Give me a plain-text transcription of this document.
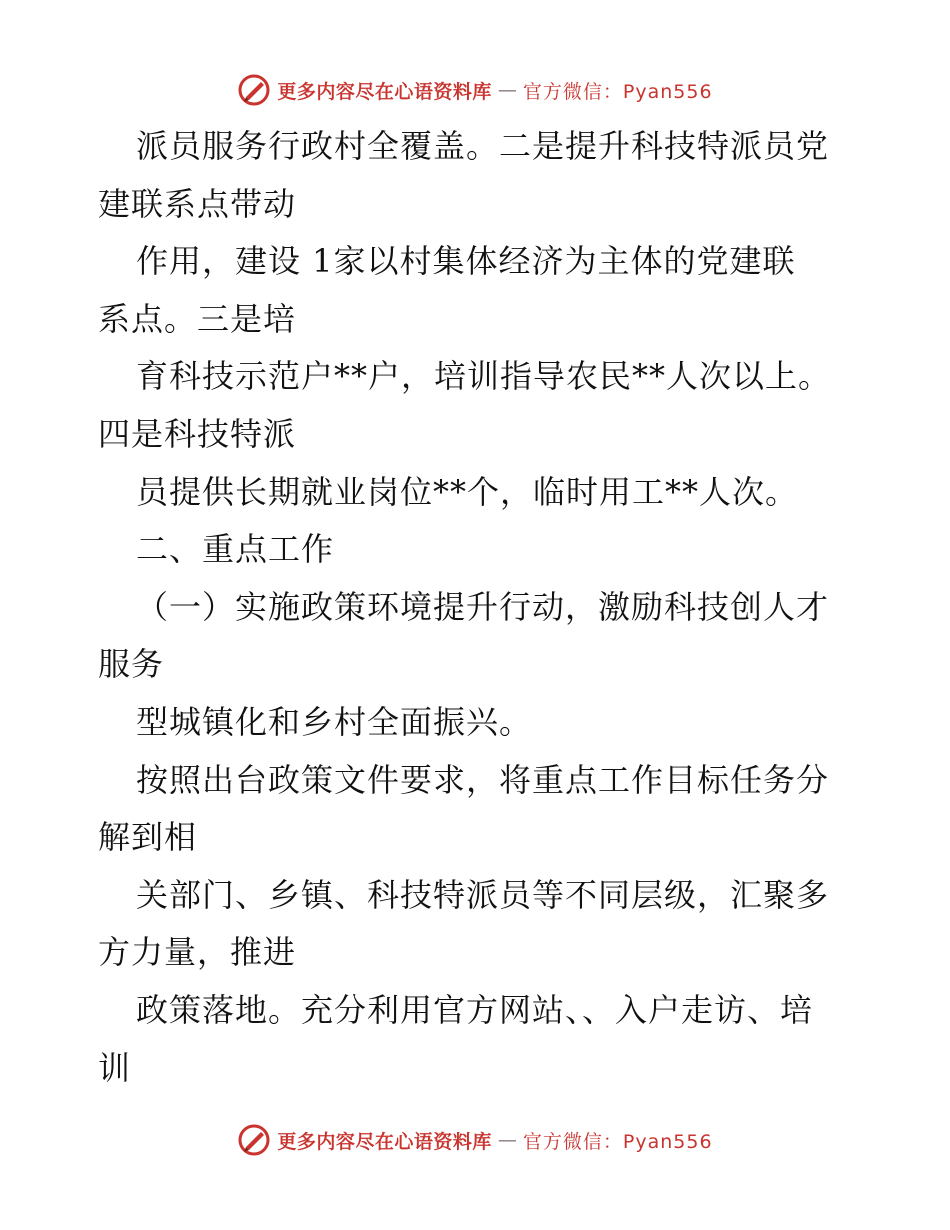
更多内容尽在心语资料库 — 官方微信：Pyan556
派员服务行政村全覆盖。二是提升科技特派员党
建联系点带动
作用，建设 1家以村集体经济为主体的党建联
系点。三是培
育科技示范户**户，培训指导农民**人次以上。
四是科技特派
员提供长期就业岗位**个，临时用工**人次。
二、重点工作
（一）实施政策环境提升行动，激励科技创人才
服务
型城镇化和乡村全面振兴。
按照出台政策文件要求，将重点工作目标任务分
解到相
关部门、乡镇、科技特派员等不同层级，汇聚多
方力量，推进
政策落地。充分利用官方网站、、入户走访、培
训
更多内容尽在心语资料库 — 官方微信：Pyan556
